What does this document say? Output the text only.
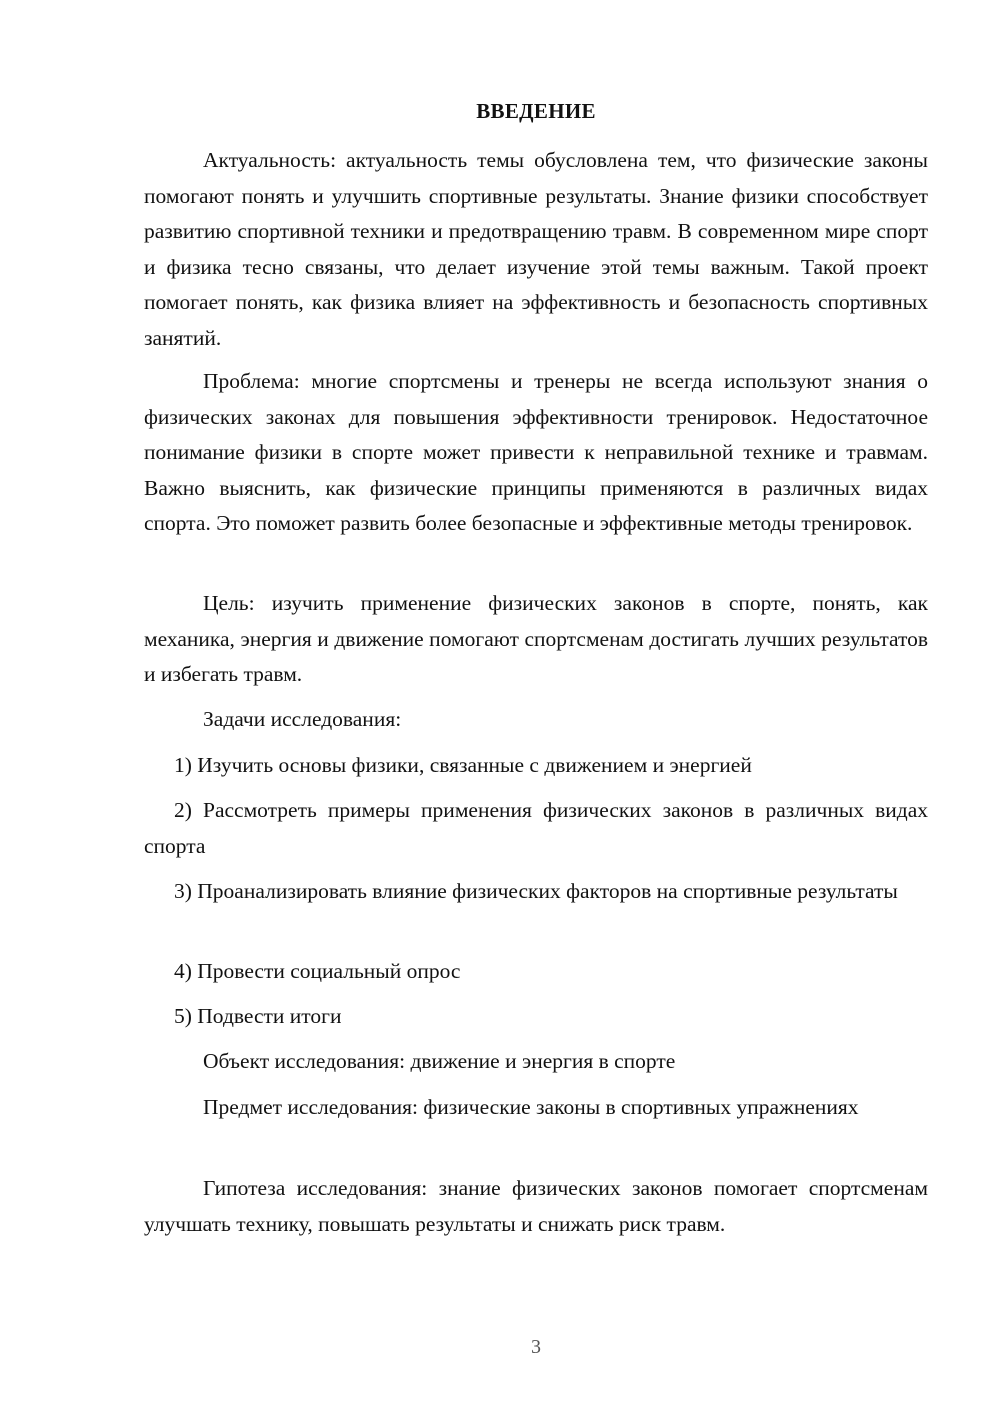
ВВЕДЕНИЕ

Актуальность: актуальность темы обусловлена тем, что физические законы помогают понять и улучшить спортивные результаты. Знание физики способствует развитию спортивной техники и предотвращению травм. В современном мире спорт и физика тесно связаны, что делает изучение этой темы важным. Такой проект помогает понять, как физика влияет на эффективность и безопасность спортивных занятий.

Проблема: многие спортсмены и тренеры не всегда используют знания о физических законах для повышения эффективности тренировок. Недостаточное понимание физики в спорте может привести к неправильной технике и травмам. Важно выяснить, как физические принципы применяются в различных видах спорта. Это поможет развить более безопасные и эффективные методы тренировок.

Цель: изучить применение физических законов в спорте, понять, как механика, энергия и движение помогают спортсменам достигать лучших результатов и избегать травм.

Задачи исследования:

1) Изучить основы физики, связанные с движением и энергией

2) Рассмотреть примеры применения физических законов в различных видах спорта

3) Проанализировать влияние физических факторов на спортивные результаты

4) Провести социальный опрос

5) Подвести итоги

Объект исследования: движение и энергия в спорте

Предмет исследования: физические законы в спортивных упражнениях

Гипотеза исследования: знание физических законов помогает спортсменам улучшать технику, повышать результаты и снижать риск травм.

3
